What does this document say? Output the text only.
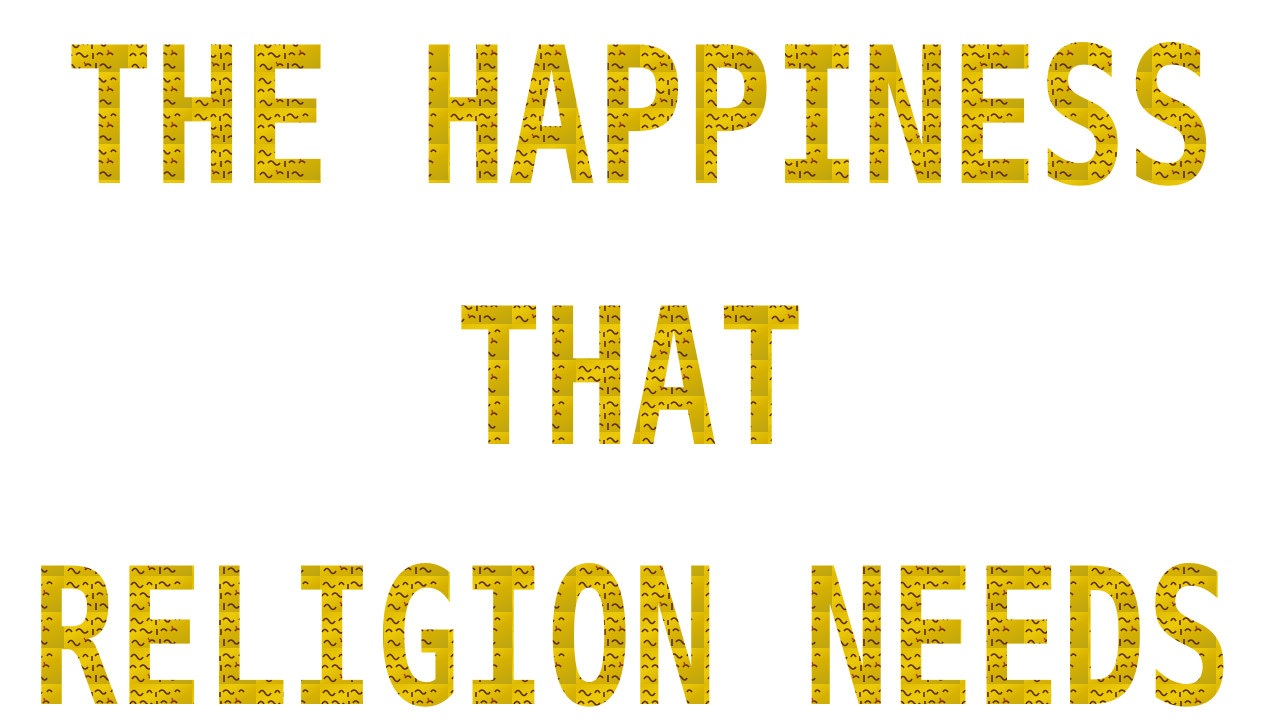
THE HAPPINESS
THAT
RELIGION NEEDS
